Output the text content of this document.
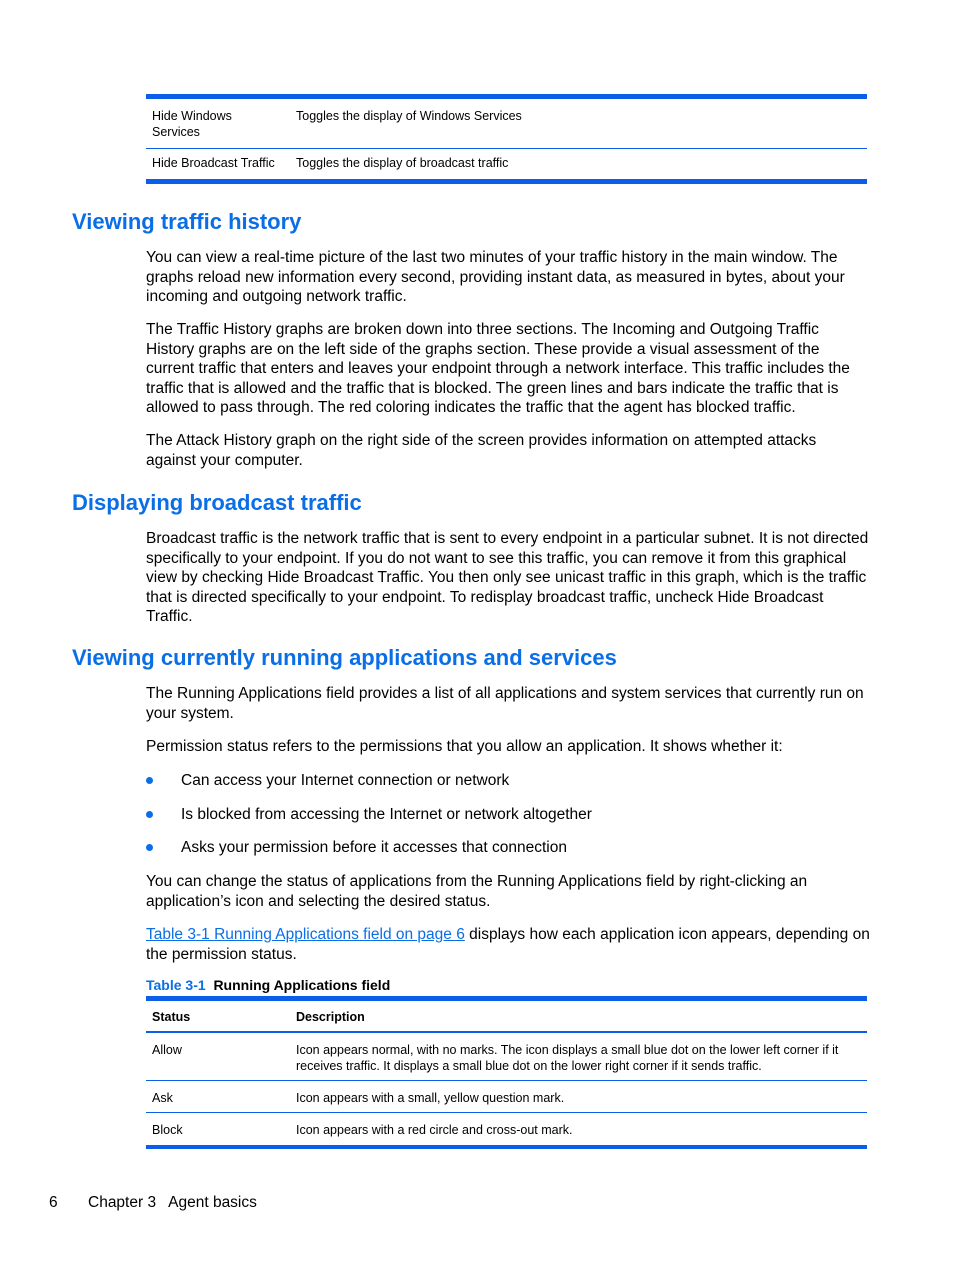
Hide Windows
Services	Toggles the display of Windows Services
Hide Broadcast Traffic	Toggles the display of broadcast traffic
Viewing traffic history

You can view a real-time picture of the last two minutes of your traffic history in the main window. The graphs reload new information every second, providing instant data, as measured in bytes, about your incoming and outgoing network traffic.

The Traffic History graphs are broken down into three sections. The Incoming and Outgoing Traffic History graphs are on the left side of the graphs section. These provide a visual assessment of the current traffic that enters and leaves your endpoint through a network interface. This traffic includes the traffic that is allowed and the traffic that is blocked. The green lines and bars indicate the traffic that is allowed to pass through. The red coloring indicates the traffic that the agent has blocked traffic.

The Attack History graph on the right side of the screen provides information on attempted attacks against your computer.

Displaying broadcast traffic

Broadcast traffic is the network traffic that is sent to every endpoint in a particular subnet. It is not directed specifically to your endpoint. If you do not want to see this traffic, you can remove it from this graphical view by checking Hide Broadcast Traffic. You then only see unicast traffic in this graph, which is the traffic that is directed specifically to your endpoint. To redisplay broadcast traffic, uncheck Hide Broadcast Traffic.

Viewing currently running applications and services

The Running Applications field provides a list of all applications and system services that currently run on your system.

Permission status refers to the permissions that you allow an application. It shows whether it:

Can access your Internet connection or network
Is blocked from accessing the Internet or network altogether
Asks your permission before it accesses that connection

You can change the status of applications from the Running Applications field by right-clicking an application’s icon and selecting the desired status.

Table 3-1 Running Applications field on page 6 displays how each application icon appears, depending on the permission status.

Table 3-1 Running Applications field
Status	Description
Allow	Icon appears normal, with no marks. The icon displays a small blue dot on the lower left corner if it receives traffic. It displays a small blue dot on the lower right corner if it sends traffic.
Ask	Icon appears with a small, yellow question mark.
Block	Icon appears with a red circle and cross-out mark.
6 Chapter 3   Agent basics
